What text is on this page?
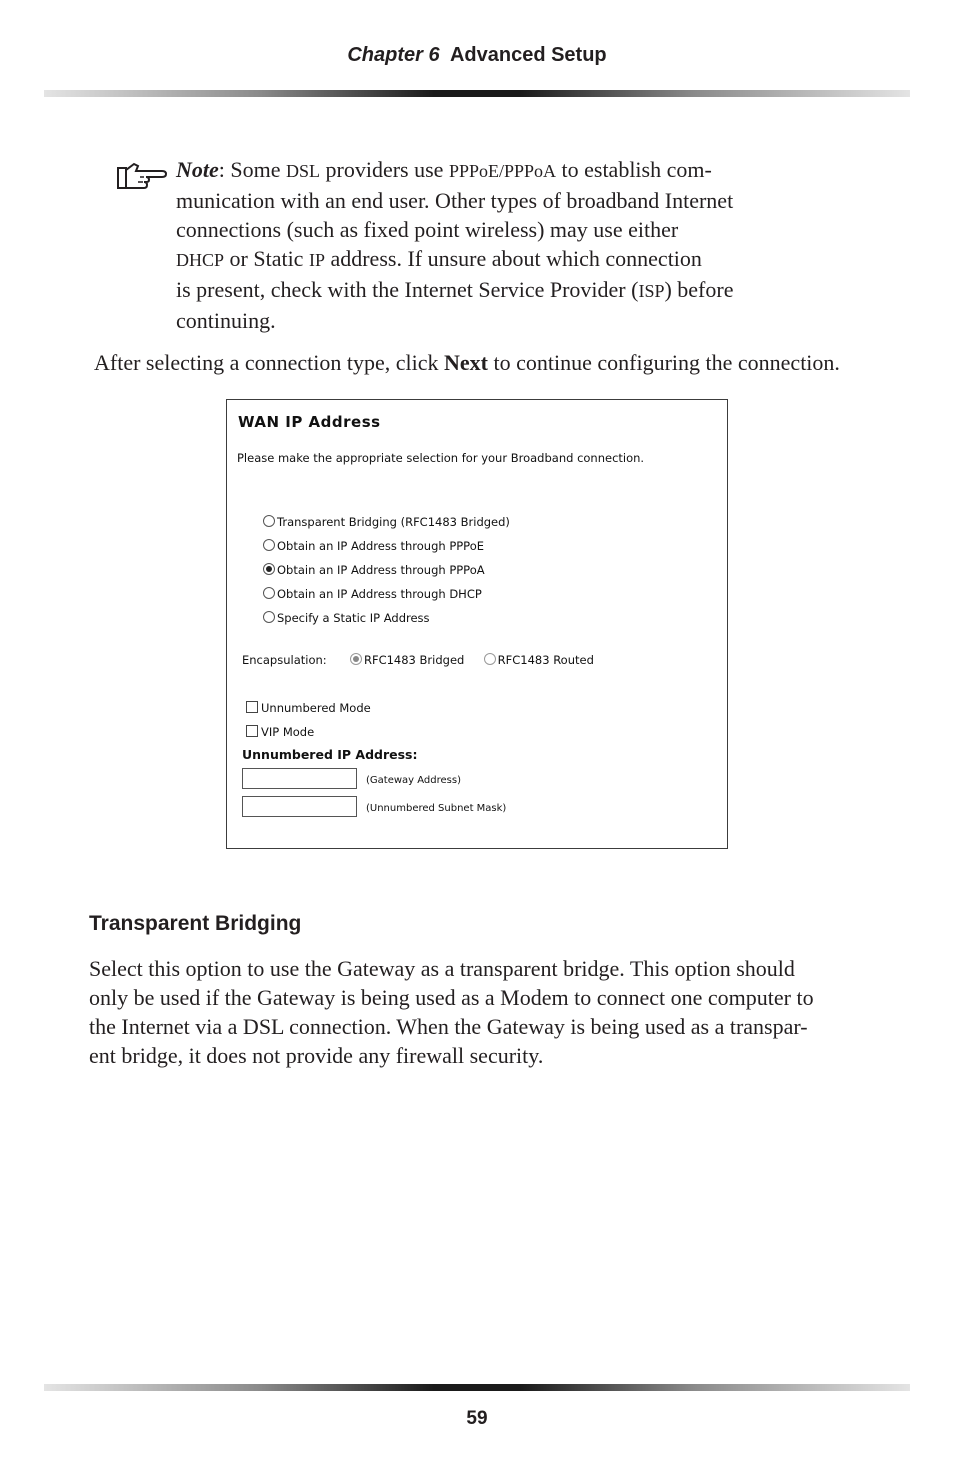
Chapter 6 Advanced Setup
Note: Some DSL providers use PPPoE/PPPoA to establish com-
munication with an end user. Other types of broadband Internet
connections (such as fixed point wireless) may use either
DHCP or Static IP address. If unsure about which connection
is present, check with the Internet Service Provider (ISP) before
continuing.
After selecting a connection type, click Next to continue configuring the connection.
WAN IP Address
Please make the appropriate selection for your Broadband connection.
Transparent Bridging (RFC1483 Bridged)
Obtain an IP Address through PPPoE
Obtain an IP Address through PPPoA
Obtain an IP Address through DHCP
Specify a Static IP Address
Encapsulation:	RFC1483 Bridged	RFC1483 Routed
Unnumbered Mode
VIP Mode
Unnumbered IP Address:
(Gateway Address)
(Unnumbered Subnet Mask)
Transparent Bridging
Select this option to use the Gateway as a transparent bridge. This option should
only be used if the Gateway is being used as a Modem to connect one computer to
the Internet via a DSL connection. When the Gateway is being used as a transpar-
ent bridge, it does not provide any firewall security.
59
